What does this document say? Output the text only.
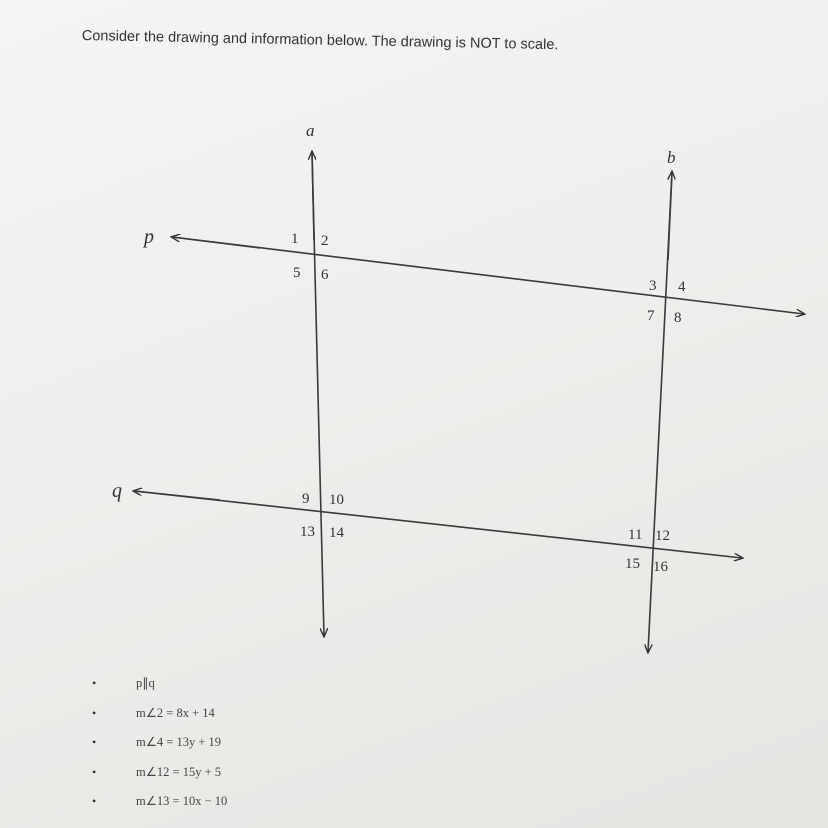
Consider the drawing and information below. The drawing is NOT to scale.

a
b
p
q
1 2
5 6
3 4
7 8
9 10
13 14	11 12
15 16
•	p∥q
•	m∠2 = 8x + 14
•	m∠4 = 13y + 19
•	m∠12 = 15y + 5
•	m∠13 = 10x − 10
